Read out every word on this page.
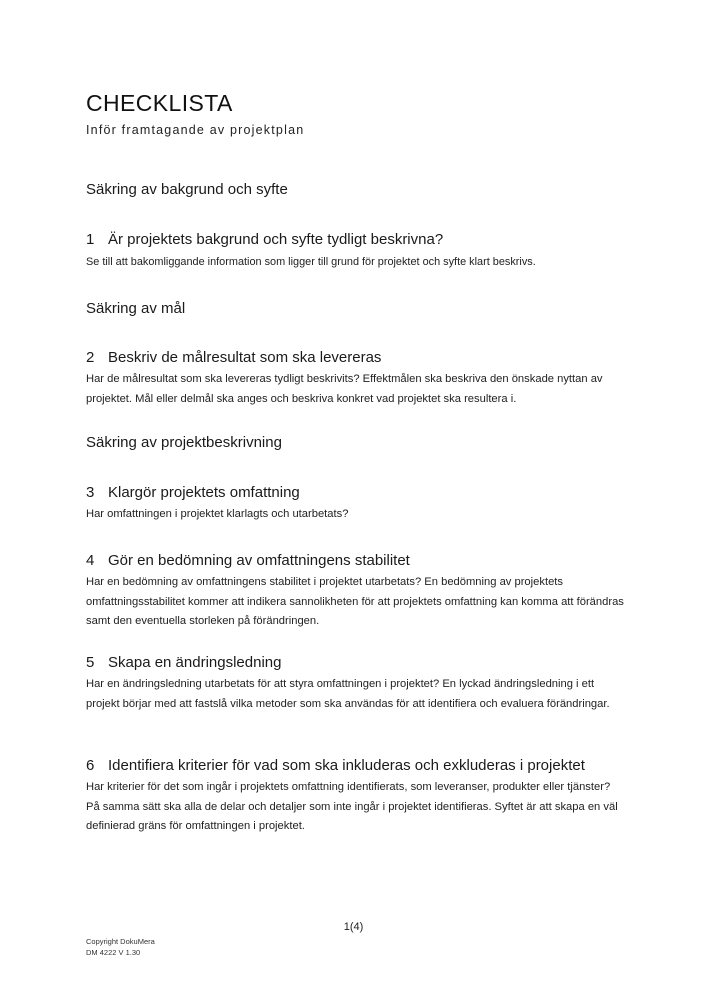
CHECKLISTA
Inför framtagande av projektplan
Säkring av bakgrund och syfte
1 Är projektets bakgrund och syfte tydligt beskrivna?
Se till att bakomliggande information som ligger till grund för projektet och syfte klart beskrivs.
Säkring av mål
2 Beskriv de målresultat som ska levereras
Har de målresultat som ska levereras tydligt beskrivits? Effektmålen ska beskriva den önskade nyttan av projektet. Mål eller delmål ska anges och beskriva konkret vad projektet ska resultera i.
Säkring av projektbeskrivning
3 Klargör projektets omfattning
Har omfattningen i projektet klarlagts och utarbetats?
4 Gör en bedömning av omfattningens stabilitet
Har en bedömning av omfattningens stabilitet i projektet utarbetats? En bedömning av projektets omfattningsstabilitet kommer att indikera sannolikheten för att projektets omfattning kan komma att förändras samt den eventuella storleken på förändringen.
5 Skapa en ändringsledning
Har en ändringsledning utarbetats för att styra omfattningen i projektet? En lyckad ändringsledning i ett projekt börjar med att fastslå vilka metoder som ska användas för att identifiera och evaluera förändringar.
6 Identifiera kriterier för vad som ska inkluderas och exkluderas i projektet
Har kriterier för det som ingår i projektets omfattning identifierats, som leveranser, produkter eller tjänster? På samma sätt ska alla de delar och detaljer som inte ingår i projektet identifieras. Syftet är att skapa en väl definierad gräns för omfattningen i projektet.
1(4)
Copyright DokuMera
DM 4222 V 1.30
